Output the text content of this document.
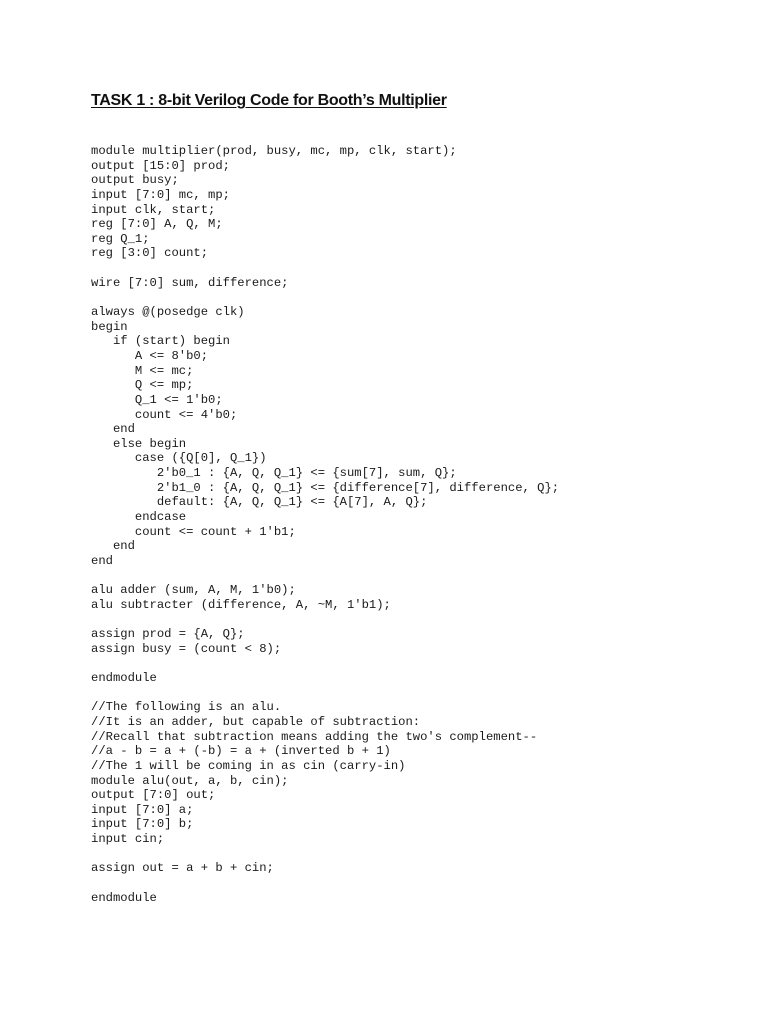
TASK 1 : 8-bit Verilog Code for Booth’s Multiplier
module multiplier(prod, busy, mc, mp, clk, start);
output [15:0] prod;
output busy;
input [7:0] mc, mp;
input clk, start;
reg [7:0] A, Q, M;
reg Q_1;
reg [3:0] count;

wire [7:0] sum, difference;

always @(posedge clk)
begin
if (start) begin
A <= 8'b0;
M <= mc;
Q <= mp;
Q_1 <= 1'b0;
count <= 4'b0;
end
else begin
case ({Q[0], Q_1})
2'b0_1 : {A, Q, Q_1} <= {sum[7], sum, Q};
2'b1_0 : {A, Q, Q_1} <= {difference[7], difference, Q};
default: {A, Q, Q_1} <= {A[7], A, Q};
endcase
count <= count + 1'b1;
end
end

alu adder (sum, A, M, 1'b0);
alu subtracter (difference, A, ~M, 1'b1);

assign prod = {A, Q};
assign busy = (count < 8);

endmodule

//The following is an alu.
//It is an adder, but capable of subtraction:
//Recall that subtraction means adding the two's complement--
//a - b = a + (-b) = a + (inverted b + 1)
//The 1 will be coming in as cin (carry-in)
module alu(out, a, b, cin);
output [7:0] out;
input [7:0] a;
input [7:0] b;
input cin;

assign out = a + b + cin;

endmodule
